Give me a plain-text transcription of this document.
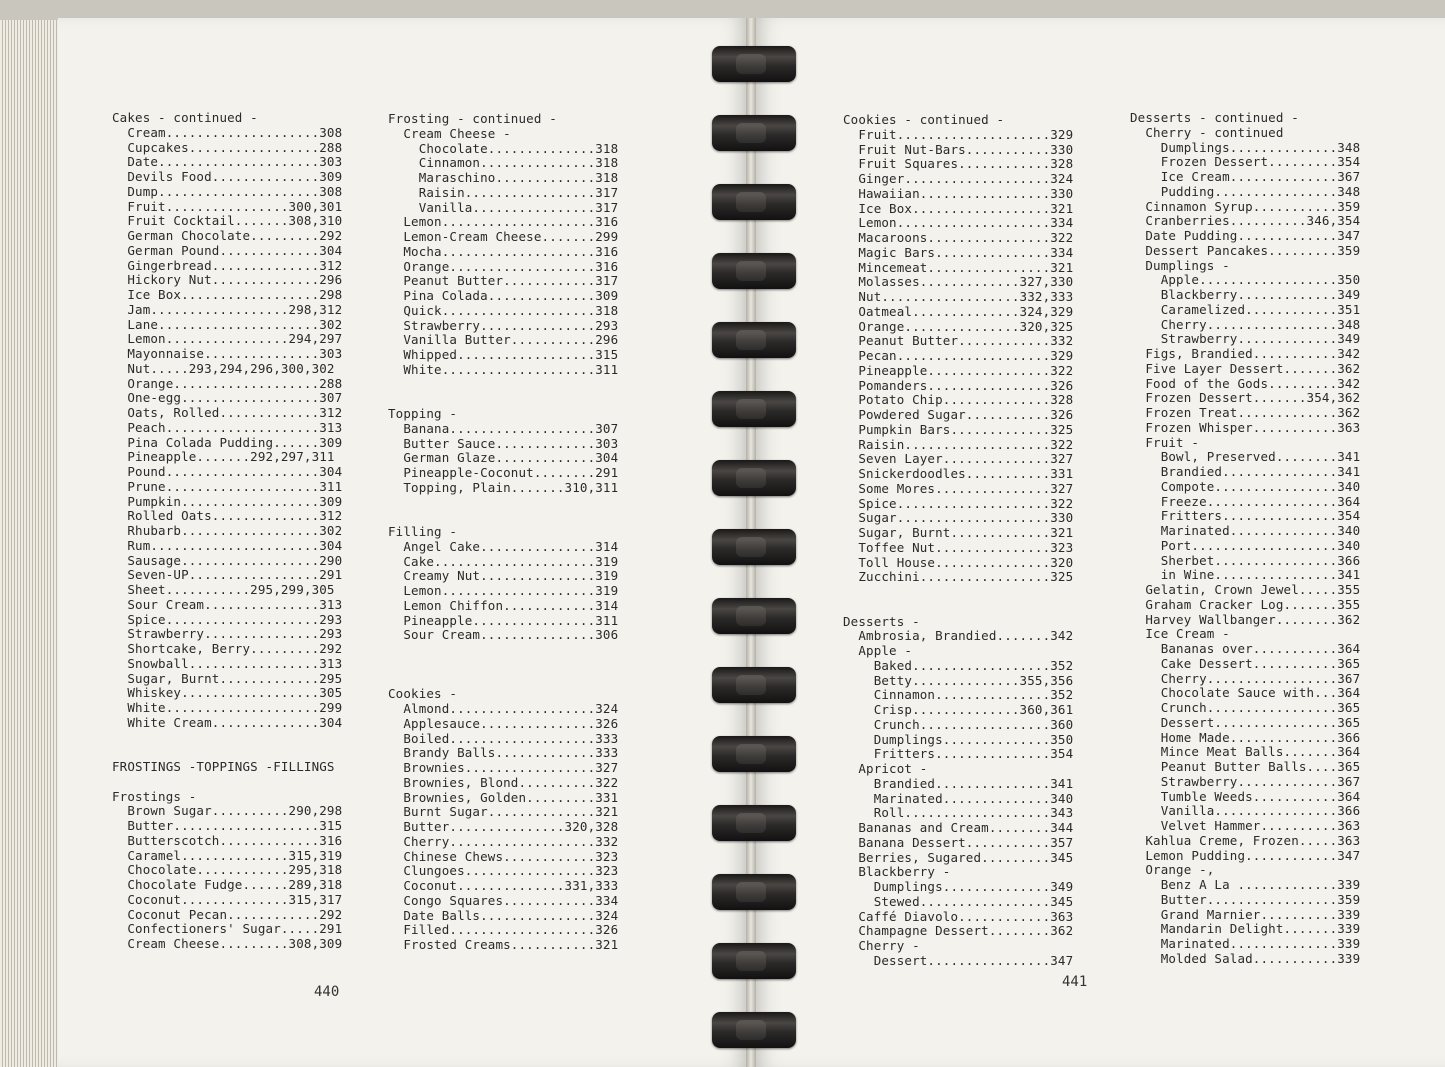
Cakes - continued -
Cream....................308
Cupcakes.................288
Date.....................303
Devils Food..............309
Dump.....................308
Fruit................300,301
Fruit Cocktail.......308,310
German Chocolate.........292
German Pound.............304
Gingerbread..............312
Hickory Nut..............296
Ice Box..................298
Jam..................298,312
Lane.....................302
Lemon................294,297
Mayonnaise...............303
Nut.....293,294,296,300,302
Orange...................288
One-egg..................307
Oats, Rolled.............312
Peach....................313
Pina Colada Pudding......309
Pineapple.......292,297,311
Pound....................304
Prune....................311
Pumpkin..................309
Rolled Oats..............312
Rhubarb..................302
Rum......................304
Sausage..................290
Seven-UP.................291
Sheet...........295,299,305
Sour Cream...............313
Spice....................293
Strawberry...............293
Shortcake, Berry.........292
Snowball.................313
Sugar, Burnt.............295
Whiskey..................305
White....................299
White Cream..............304
FROSTINGS -TOPPINGS -FILLINGS
Frostings -
Brown Sugar..........290,298
Butter...................315
Butterscotch.............316
Caramel..............315,319
Chocolate............295,318
Chocolate Fudge......289,318
Coconut..............315,317
Coconut Pecan............292
Confectioners' Sugar.....291
Cream Cheese.........308,309
Frosting - continued -
Cream Cheese -
Chocolate..............318
Cinnamon...............318
Maraschino.............318
Raisin.................317
Vanilla................317
Lemon....................316
Lemon-Cream Cheese.......299
Mocha....................316
Orange...................316
Peanut Butter............317
Pina Colada..............309
Quick....................318
Strawberry...............293
Vanilla Butter...........296
Whipped..................315
White....................311
Topping -
Banana...................307
Butter Sauce.............303
German Glaze.............304
Pineapple-Coconut........291
Topping, Plain.......310,311
Filling -
Angel Cake...............314
Cake.....................319
Creamy Nut...............319
Lemon....................319
Lemon Chiffon............314
Pineapple................311
Sour Cream...............306
Cookies -
Almond...................324
Applesauce...............326
Boiled...................333
Brandy Balls.............333
Brownies.................327
Brownies, Blond..........322
Brownies, Golden.........331
Burnt Sugar..............321
Butter...............320,328
Cherry...................332
Chinese Chews............323
Clungoes.................323
Coconut..............331,333
Congo Squares............334
Date Balls...............324
Filled...................326
Frosted Creams...........321
440
Cookies - continued -
Fruit....................329
Fruit Nut-Bars...........330
Fruit Squares............328
Ginger...................324
Hawaiian.................330
Ice Box..................321
Lemon....................334
Macaroons................322
Magic Bars...............334
Mincemeat................321
Molasses.............327,330
Nut..................332,333
Oatmeal..............324,329
Orange...............320,325
Peanut Butter............332
Pecan....................329
Pineapple................322
Pomanders................326
Potato Chip..............328
Powdered Sugar...........326
Pumpkin Bars.............325
Raisin...................322
Seven Layer..............327
Snickerdoodles...........331
Some Mores...............327
Spice....................322
Sugar....................330
Sugar, Burnt.............321
Toffee Nut...............323
Toll House...............320
Zucchini.................325
Desserts -
Ambrosia, Brandied.......342
Apple -
Baked..................352
Betty..............355,356
Cinnamon...............352
Crisp..............360,361
Crunch.................360
Dumplings..............350
Fritters...............354
Apricot -
Brandied...............341
Marinated..............340
Roll...................343
Bananas and Cream........344
Banana Dessert...........357
Berries, Sugared.........345
Blackberry -
Dumplings..............349
Stewed.................345
Caffé Diavolo............363
Champagne Dessert........362
Cherry -
Dessert................347
Desserts - continued -
Cherry - continued
Dumplings..............348
Frozen Dessert.........354
Ice Cream..............367
Pudding................348
Cinnamon Syrup...........359
Cranberries..........346,354
Date Pudding.............347
Dessert Pancakes.........359
Dumplings -
Apple..................350
Blackberry.............349
Caramelized............351
Cherry.................348
Strawberry.............349
Figs, Brandied...........342
Five Layer Dessert.......362
Food of the Gods.........342
Frozen Dessert.......354,362
Frozen Treat.............362
Frozen Whisper...........363
Fruit -
Bowl, Preserved........341
Brandied...............341
Compote................340
Freeze.................364
Fritters...............354
Marinated..............340
Port...................340
Sherbet................366
in Wine................341
Gelatin, Crown Jewel.....355
Graham Cracker Log.......355
Harvey Wallbanger........362
Ice Cream -
Bananas over...........364
Cake Dessert...........365
Cherry.................367
Chocolate Sauce with...364
Crunch.................365
Dessert................365
Home Made..............366
Mince Meat Balls.......364
Peanut Butter Balls....365
Strawberry.............367
Tumble Weeds...........364
Vanilla................366
Velvet Hammer..........363
Kahlua Creme, Frozen.....363
Lemon Pudding............347
Orange -,
Benz A La .............339
Butter.................359
Grand Marnier..........339
Mandarin Delight.......339
Marinated..............339
Molded Salad...........339
441
